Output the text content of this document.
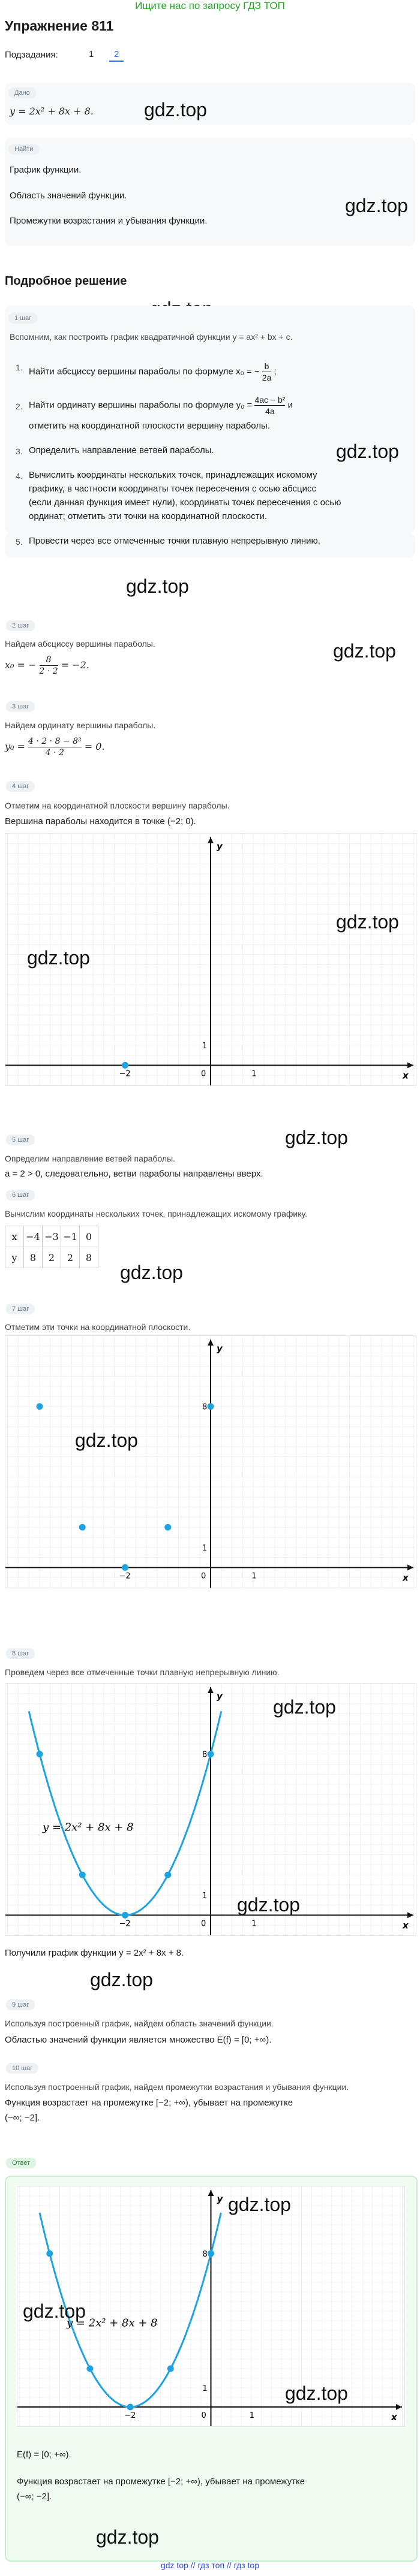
Ищите нас по запросу ГДЗ ТОП
Упражнение 811
Подзадания:	1	2
Дано
y = 2x² + 8x + 8.	gdz.top
Найти
График функции.
Область значений функции.
Промежутки возрастания и убывания функции.
gdz.top
Подробное решение
1 шаг
Вспомним, как построить график квадратичной функции y = ax² + bx + c.
1. Найти абсциссу вершины параболы по формуле x₀ = − $\frac{b}{2a}$ ;
2. Найти ординату вершины параболы по формуле $y_0 = \frac{\text{4ac − b²}}{4a}$ и
отметить на координатной плоскости вершину параболы.
3. Определить направление ветвей параболы.
4. Вычислить координаты нескольких точек, принадлежащих искомому
графику, в частности координаты точек пересечения с осью абсцисс
(если данная функция имеет нули), координаты точек пересечения с осью
ординат; отметить эти точки на координатной плоскости.
gdz.top
5. Провести через все отмеченные точки плавную непрерывную линию.
gdz.top
2 шаг
Найдем абсциссу вершины параболы.
x₀ = − $\frac{8}{2 \cdot 2} = -2$.
gdz.top
3 шаг
Найдем ординату вершины параболы.
$y_0 = \frac{\text{4 · 2 · 8 − 8²}}{4 \cdot 2} = 0$.
4 шаг
Отметим на координатной плоскости вершину параболы.
Вершина параболы находится в точке (−2; 0).
x
y
0	1
1
−2
gdz.top
gdz.top
gdz.top
5 шаг
Определим направление ветвей параболы.
a = 2 > 0, следовательно, ветви параболы направлены вверх.
6 шаг
Вычислим координаты нескольких точек, принадлежащих искомому графику.
x	−4	−3	−1	0
y	8	2	2	8
gdz.top
7 шаг
Отметим эти точки на координатной плоскости.
x
y
0	1
1
−2
8
gdz.top
8 шаг
Проведем через все отмеченные точки плавную непрерывную линию.
x
y
0	1
1
−2
8
y = 2x² + 8x + 8
gdz.top
gdz.top
Получили график функции y = 2x² + 8x + 8.
gdz.top
9 шаг
Используя построенный график, найдем область значений функции.
Областью значений функции является множество E(f) = [0; +∞).
10 шаг
Используя построенный график, найдем промежутки возрастания и убывания функции.
Функция возрастает на промежутке [−2; +∞), убывает на промежутке
(−∞; −2].
Ответ
x
y
0	1
1
−2
8
y = 2x² + 8x + 8
E(f) = [0; +∞).
Функция возрастает на промежутке [−2; +∞), убывает на промежутке
(−∞; −2].
gdz.top
gdz.top
gdz.top
gdz.top
gdz top // гдз топ // гдз top
